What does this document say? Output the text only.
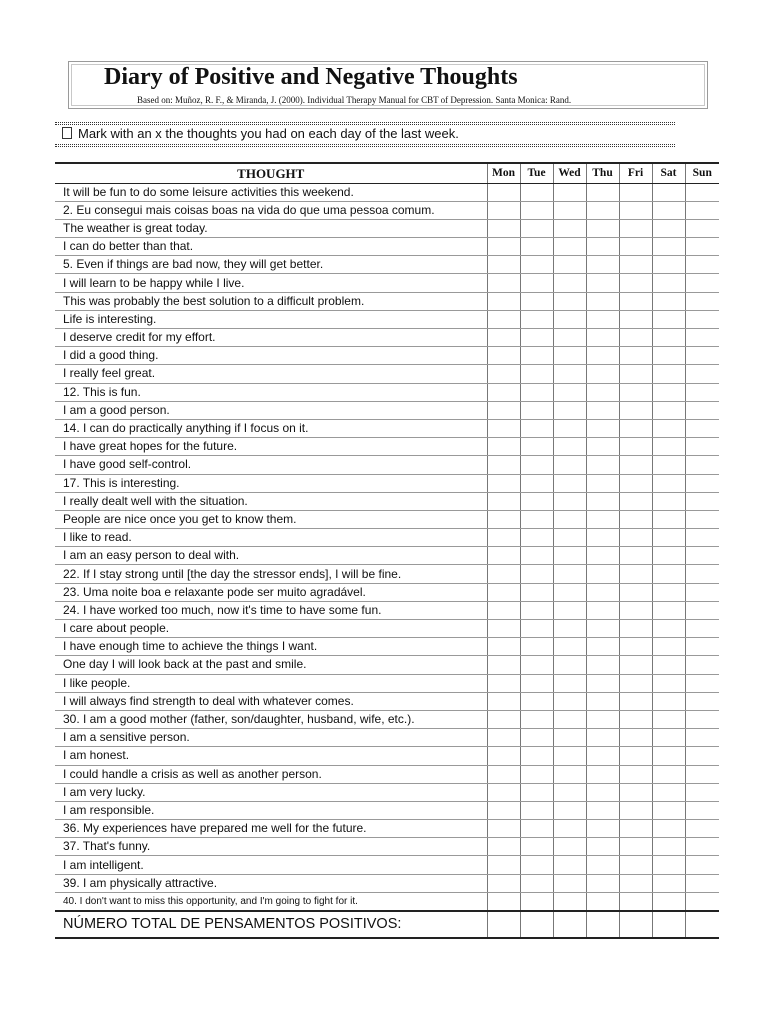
Diary of Positive and Negative Thoughts
Based on: Muñoz, R. F., & Miranda, J. (2000). Individual Therapy Manual for CBT of Depression. Santa Monica: Rand.
Mark with an x the thoughts you had on each day of the last week.
THOUGHT	Mon	Tue	Wed	Thu	Fri	Sat	Sun
It will be fun to do some leisure activities this weekend.							
2. Eu consegui mais coisas boas na vida do que uma pessoa comum.							
The weather is great today.							
I can do better than that.							
5. Even if things are bad now, they will get better.							
I will learn to be happy while I live.							
This was probably the best solution to a difficult problem.							
Life is interesting.							
I deserve credit for my effort.							
I did a good thing.							
I really feel great.							
12. This is fun.							
I am a good person.							
14. I can do practically anything if I focus on it.							
I have great hopes for the future.							
I have good self-control.							
17. This is interesting.							
I really dealt well with the situation.							
People are nice once you get to know them.							
I like to read.							
I am an easy person to deal with.							
22. If I stay strong until [the day the stressor ends], I will be fine.							
23. Uma noite boa e relaxante pode ser muito agradável.							
24. I have worked too much, now it's time to have some fun.							
I care about people.							
I have enough time to achieve the things I want.							
One day I will look back at the past and smile.							
I like people.							
I will always find strength to deal with whatever comes.							
30. I am a good mother (father, son/daughter, husband, wife, etc.).							
I am a sensitive person.							
I am honest.							
I could handle a crisis as well as another person.							
I am very lucky.							
I am responsible.							
36. My experiences have prepared me well for the future.							
37. That's funny.							
I am intelligent.							
39. I am physically attractive.							
40. I don't want to miss this opportunity, and I'm going to fight for it.							
NÚMERO TOTAL DE PENSAMENTOS POSITIVOS:							
